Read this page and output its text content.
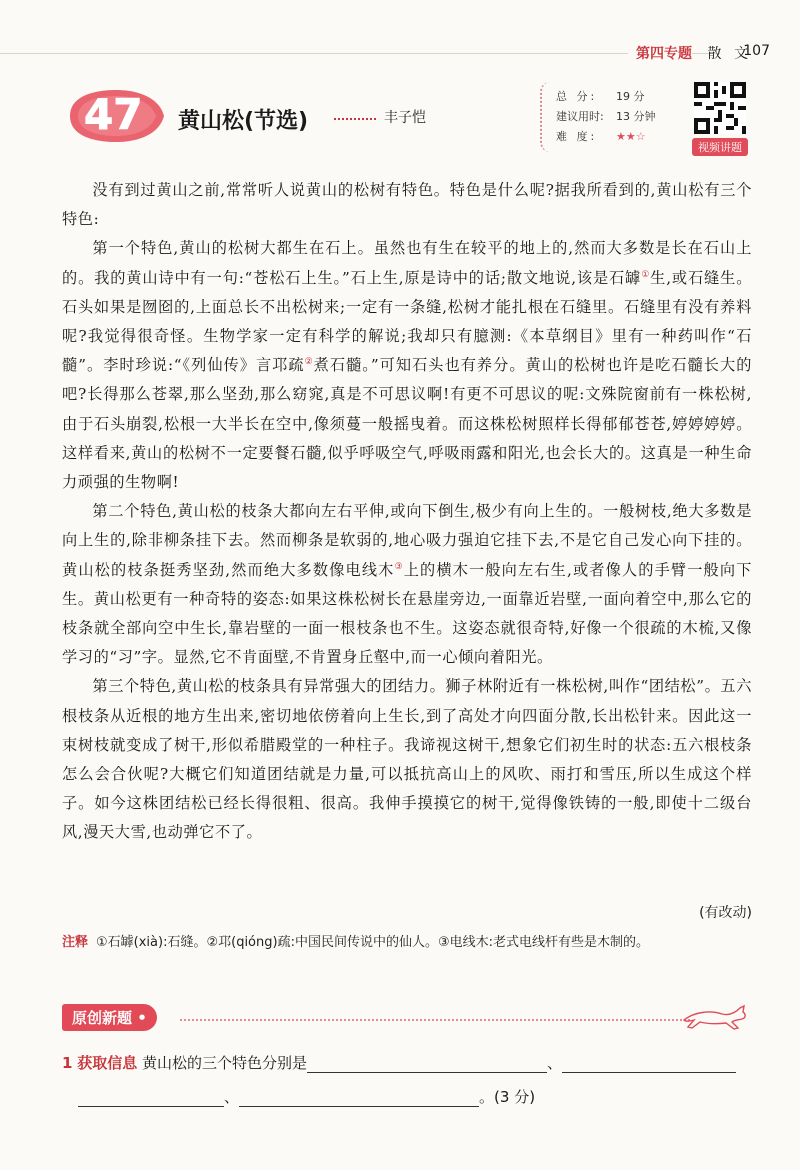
第四专题 散 文
107
47 黄山松(节选)	丰子恺
总 分: 19 分
建议用时: 13 分钟
难 度: ★★☆
视频讲题

没有到过黄山之前,常常听人说黄山的松树有特色。特色是什么呢?据我所看到的,黄山松有三个特色:

第一个特色,黄山的松树大都生在石上。虽然也有生在较平的地上的,然而大多数是长在石山上的。我的黄山诗中有一句:“苍松石上生。”石上生,原是诗中的话;散文地说,该是石罅①生,或石缝生。石头如果是囫囵的,上面总长不出松树来;一定有一条缝,松树才能扎根在石缝里。石缝里有没有养料呢?我觉得很奇怪。生物学家一定有科学的解说;我却只有臆测:《本草纲目》里有一种药叫作“石髓”。李时珍说:“《列仙传》言邛疏②煮石髓。”可知石头也有养分。黄山的松树也许是吃石髓长大的吧?长得那么苍翠,那么坚劲,那么窈窕,真是不可思议啊!有更不可思议的呢:文殊院窗前有一株松树,由于石头崩裂,松根一大半长在空中,像须蔓一般摇曳着。而这株松树照样长得郁郁苍苍,婷婷婷婷。这样看来,黄山的松树不一定要餐石髓,似乎呼吸空气,呼吸雨露和阳光,也会长大的。这真是一种生命力顽强的生物啊!

第二个特色,黄山松的枝条大都向左右平伸,或向下倒生,极少有向上生的。一般树枝,绝大多数是向上生的,除非柳条挂下去。然而柳条是软弱的,地心吸力强迫它挂下去,不是它自己发心向下挂的。黄山松的枝条挺秀坚劲,然而绝大多数像电线木③上的横木一般向左右生,或者像人的手臂一般向下生。黄山松更有一种奇特的姿态:如果这株松树长在悬崖旁边,一面靠近岩壁,一面向着空中,那么它的枝条就全部向空中生长,靠岩壁的一面一根枝条也不生。这姿态就很奇特,好像一个很疏的木梳,又像学习的“习”字。显然,它不肯面壁,不肯置身丘壑中,而一心倾向着阳光。

第三个特色,黄山松的枝条具有异常强大的团结力。狮子林附近有一株松树,叫作“团结松”。五六根枝条从近根的地方生出来,密切地依傍着向上生长,到了高处才向四面分散,长出松针来。因此这一束树枝就变成了树干,形似希腊殿堂的一种柱子。我谛视这树干,想象它们初生时的状态:五六根枝条怎么会合伙呢?大概它们知道团结就是力量,可以抵抗高山上的风吹、雨打和雪压,所以生成这个样子。如今这株团结松已经长得很粗、很高。我伸手摸摸它的树干,觉得像铁铸的一般,即使十二级台风,漫天大雪,也动弹它不了。

(有改动)
注释 ①石罅(xià):石缝。②邛(qióng)疏:中国民间传说中的仙人。③电线木:老式电线杆有些是木制的。
原创新题 •
1 获取信息 黄山松的三个特色分别是	、
、	。(3 分)
